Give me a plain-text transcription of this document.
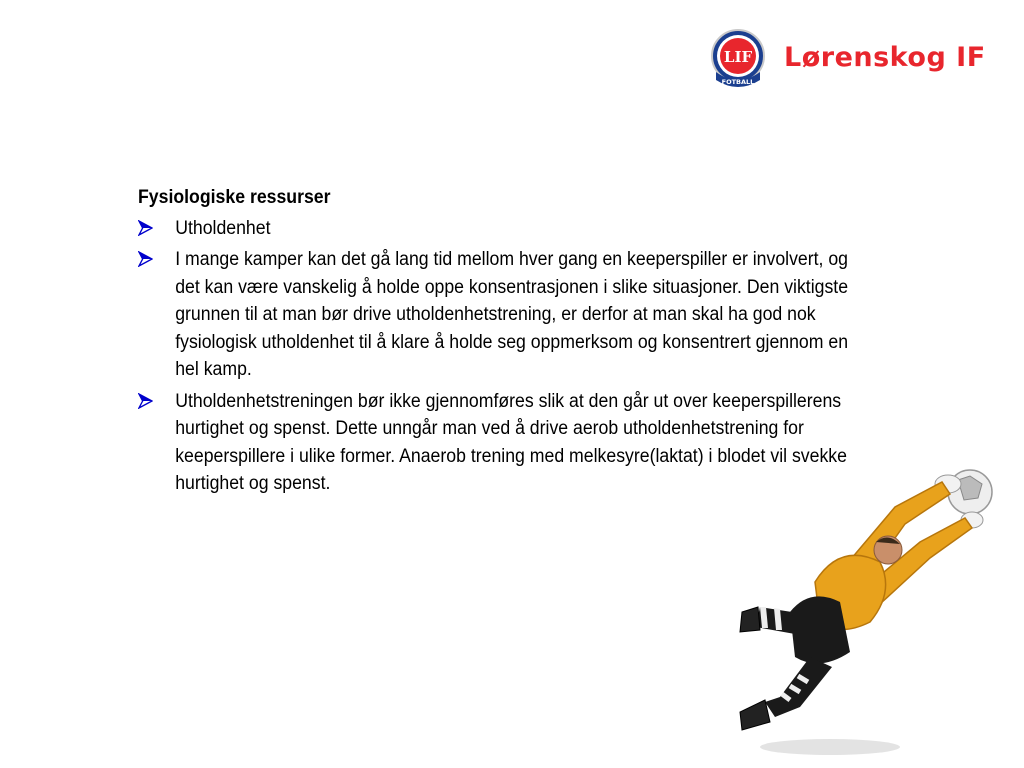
LIF
FOTBALL
Lørenskog IF
Fysiologiske ressurser
Utholdenhet
I mange kamper kan det gå lang tid mellom hver gang en keeperspiller er involvert, og det kan være vanskelig å holde oppe konsentrasjonen i slike situasjoner. Den viktigste grunnen til at man bør drive utholdenhetstrening, er derfor at man skal ha god nok fysiologisk utholdenhet til å klare å holde seg oppmerksom og konsentrert gjennom en hel kamp.
Utholdenhetstreningen bør ikke gjennomføres slik at den går ut over keeperspillerens hurtighet og spenst. Dette unngår man ved å drive aerob utholdenhetstrening for keeperspillere i ulike former. Anaerob trening med melkesyre(laktat) i blodet vil svekke hurtighet og spenst.
